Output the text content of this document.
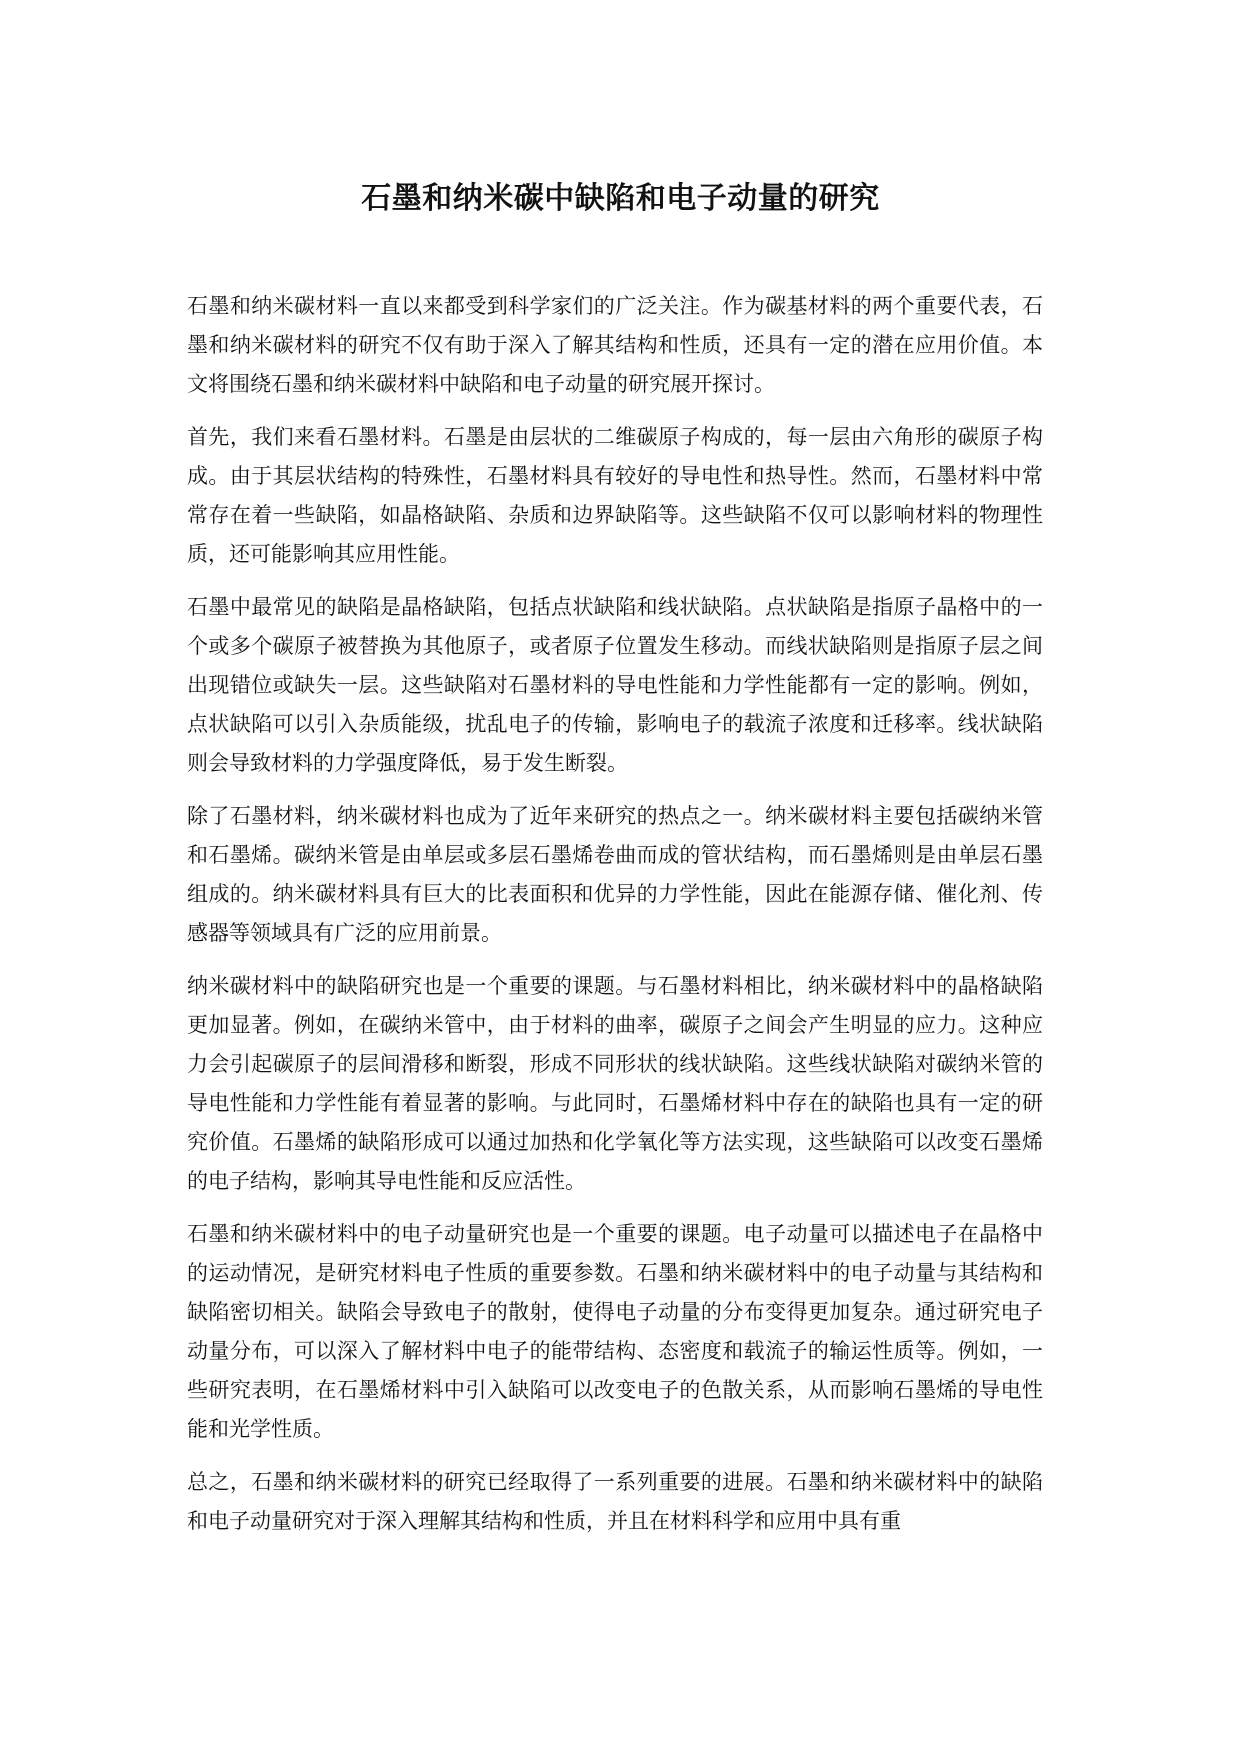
石墨和纳米碳中缺陷和电子动量的研究

石墨和纳米碳材料一直以来都受到科学家们的广泛关注。作为碳基材料的两个重要代表，石墨和纳米碳材料的研究不仅有助于深入了解其结构和性质，还具有一定的潜在应用价值。本文将围绕石墨和纳米碳材料中缺陷和电子动量的研究展开探讨。

首先，我们来看石墨材料。石墨是由层状的二维碳原子构成的，每一层由六角形的碳原子构成。由于其层状结构的特殊性，石墨材料具有较好的导电性和热导性。然而，石墨材料中常常存在着一些缺陷，如晶格缺陷、杂质和边界缺陷等。这些缺陷不仅可以影响材料的物理性质，还可能影响其应用性能。

石墨中最常见的缺陷是晶格缺陷，包括点状缺陷和线状缺陷。点状缺陷是指原子晶格中的一个或多个碳原子被替换为其他原子，或者原子位置发生移动。而线状缺陷则是指原子层之间出现错位或缺失一层。这些缺陷对石墨材料的导电性能和力学性能都有一定的影响。例如，点状缺陷可以引入杂质能级，扰乱电子的传输，影响电子的载流子浓度和迁移率。线状缺陷则会导致材料的力学强度降低，易于发生断裂。

除了石墨材料，纳米碳材料也成为了近年来研究的热点之一。纳米碳材料主要包括碳纳米管和石墨烯。碳纳米管是由单层或多层石墨烯卷曲而成的管状结构，而石墨烯则是由单层石墨组成的。纳米碳材料具有巨大的比表面积和优异的力学性能，因此在能源存储、催化剂、传感器等领域具有广泛的应用前景。

纳米碳材料中的缺陷研究也是一个重要的课题。与石墨材料相比，纳米碳材料中的晶格缺陷更加显著。例如，在碳纳米管中，由于材料的曲率，碳原子之间会产生明显的应力。这种应力会引起碳原子的层间滑移和断裂，形成不同形状的线状缺陷。这些线状缺陷对碳纳米管的导电性能和力学性能有着显著的影响。与此同时，石墨烯材料中存在的缺陷也具有一定的研究价值。石墨烯的缺陷形成可以通过加热和化学氧化等方法实现，这些缺陷可以改变石墨烯的电子结构，影响其导电性能和反应活性。

石墨和纳米碳材料中的电子动量研究也是一个重要的课题。电子动量可以描述电子在晶格中的运动情况，是研究材料电子性质的重要参数。石墨和纳米碳材料中的电子动量与其结构和缺陷密切相关。缺陷会导致电子的散射，使得电子动量的分布变得更加复杂。通过研究电子动量分布，可以深入了解材料中电子的能带结构、态密度和载流子的输运性质等。例如，一些研究表明，在石墨烯材料中引入缺陷可以改变电子的色散关系，从而影响石墨烯的导电性能和光学性质。

总之，石墨和纳米碳材料的研究已经取得了一系列重要的进展。石墨和纳米碳材料中的缺陷和电子动量研究对于深入理解其结构和性质，并且在材料科学和应用中具有重
